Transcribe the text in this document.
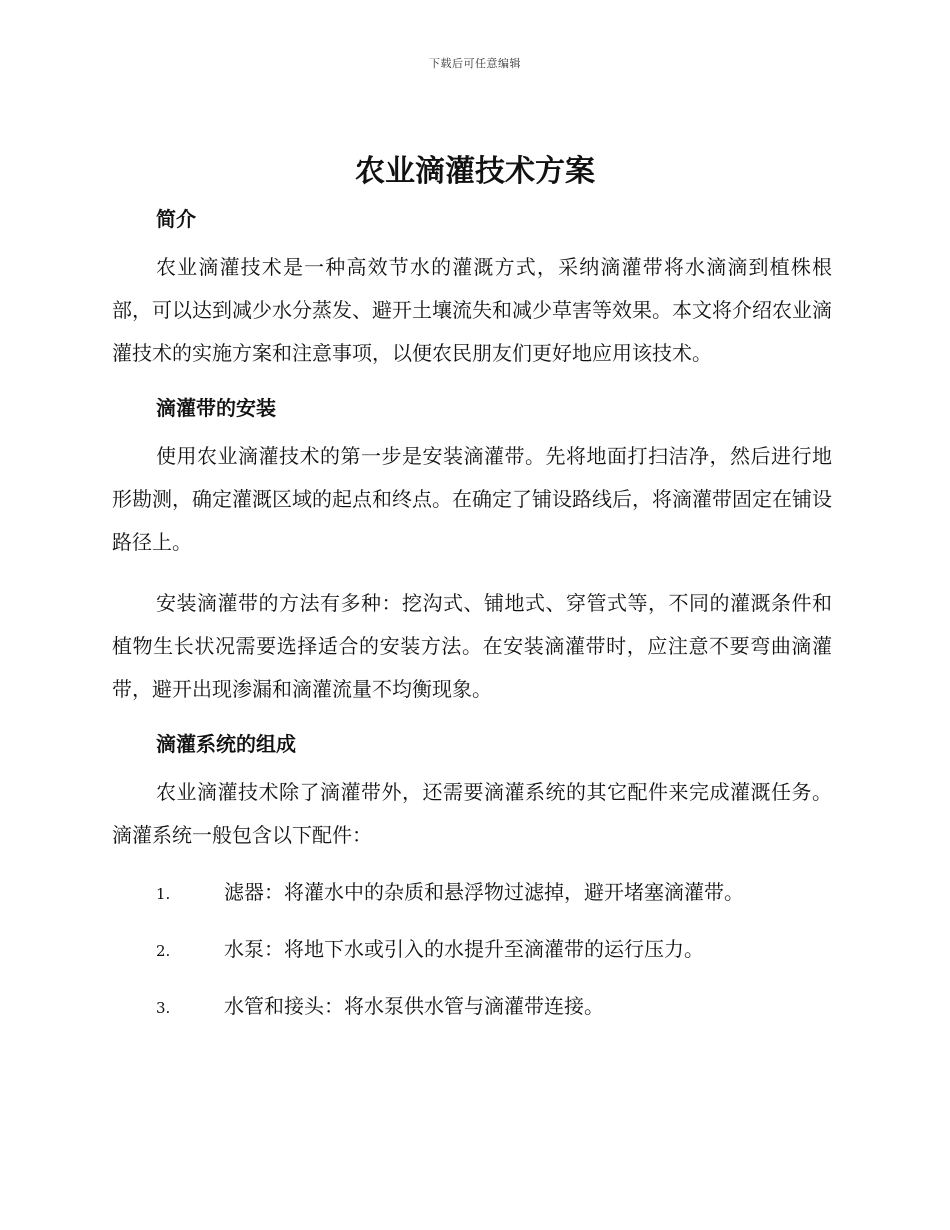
下载后可任意编辑
农业滴灌技术方案
简介

农业滴灌技术是一种高效节水的灌溉方式，采纳滴灌带将水滴滴到植株根部，可以达到减少水分蒸发、避开土壤流失和减少草害等效果。本文将介绍农业滴灌技术的实施方案和注意事项，以便农民朋友们更好地应用该技术。

滴灌带的安装

使用农业滴灌技术的第一步是安装滴灌带。先将地面打扫洁净，然后进行地形勘测，确定灌溉区域的起点和终点。在确定了铺设路线后，将滴灌带固定在铺设路径上。

安装滴灌带的方法有多种：挖沟式、铺地式、穿管式等，不同的灌溉条件和植物生长状况需要选择适合的安装方法。在安装滴灌带时，应注意不要弯曲滴灌带，避开出现渗漏和滴灌流量不均衡现象。

滴灌系统的组成

农业滴灌技术除了滴灌带外，还需要滴灌系统的其它配件来完成灌溉任务。滴灌系统一般包含以下配件：

1.	滤器：将灌水中的杂质和悬浮物过滤掉，避开堵塞滴灌带。
2.	水泵：将地下水或引入的水提升至滴灌带的运行压力。
3.	水管和接头：将水泵供水管与滴灌带连接。
